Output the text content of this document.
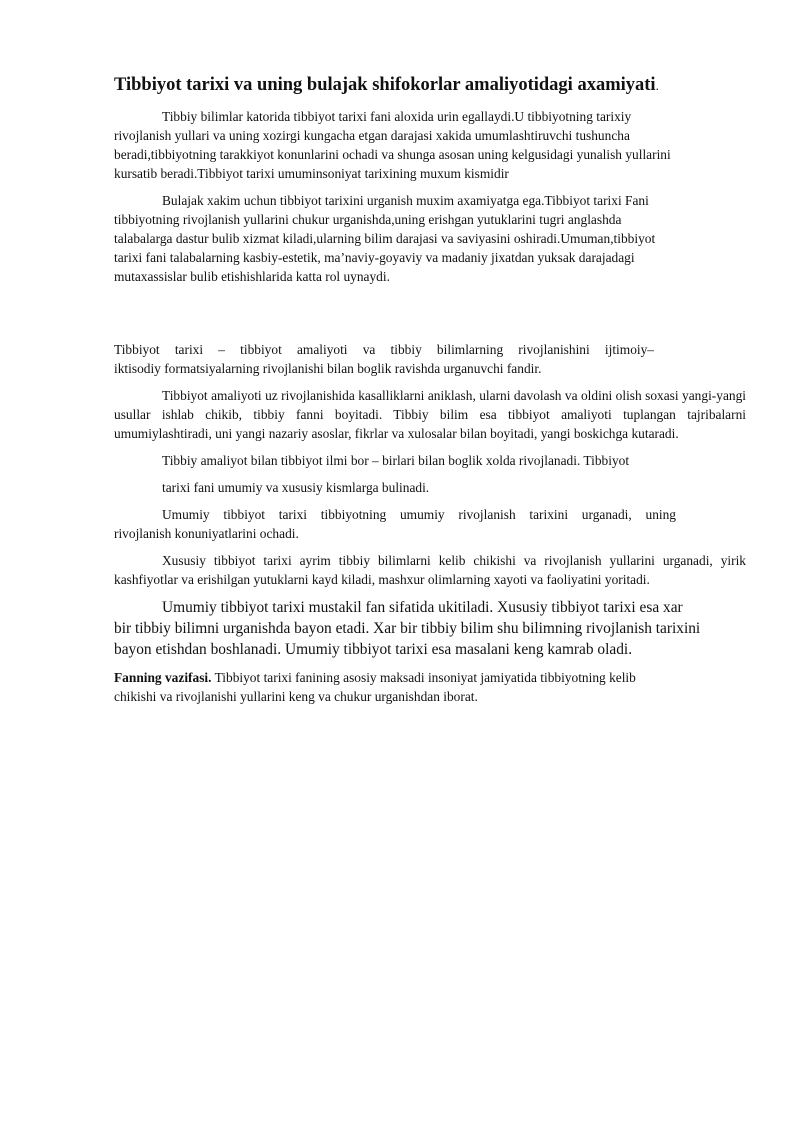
Tibbiyot tarixi va uning bulajak shifokorlar amaliyotidagi axamiyati.

Tibbiy bilimlar katorida tibbiyot tarixi fani aloxida urin egallaydi.U tibbiyotning tarixiy
rivojlanish yullari va uning xozirgi kungacha etgan darajasi xakida umumlashtiruvchi tushuncha
beradi,tibbiyotning tarakkiyot konunlarini ochadi va shunga asosan uning kelgusidagi yunalish yullarini
kursatib beradi.Tibbiyot tarixi umuminsoniyat tarixining muxum kismidir

Bulajak xakim uchun tibbiyot tarixini urganish muxim axamiyatga ega.Tibbiyot tarixi Fani
tibbiyotning rivojlanish yullarini chukur urganishda,uning erishgan yutuklarini tugri anglashda
talabalarga dastur bulib xizmat kiladi,ularning bilim darajasi va saviyasini oshiradi.Umuman,tibbiyot
tarixi fani talabalarning kasbiy-estetik, ma’naviy-goyaviy va madaniy jixatdan yuksak darajadagi
mutaxassislar bulib etishishlarida katta rol uynaydi.

Tibbiyot tarixi – tibbiyot amaliyoti va tibbiy bilimlarning rivojlanishini ijtimoiy–
iktisodiy formatsiyalarning rivojlanishi bilan boglik ravishda urganuvchi fandir.

Tibbiyot amaliyoti uz rivojlanishida kasalliklarni aniklash, ularni davolash va oldini olish soxasi yangi-yangi usullar ishlab chikib, tibbiy fanni boyitadi. Tibbiy bilim esa tibbiyot amaliyoti tuplangan tajribalarni umumiylashtiradi, uni yangi nazariy asoslar, fikrlar va xulosalar bilan boyitadi, yangi boskichga kutaradi.

Tibbiy amaliyot bilan tibbiyot ilmi bor – birlari bilan boglik xolda rivojlanadi. Tibbiyot

tarixi fani umumiy va xususiy kismlarga bulinadi.

Umumiy tibbiyot tarixi tibbiyotning umumiy rivojlanish tarixini urganadi, uning
rivojlanish konuniyatlarini ochadi.

Xususiy tibbiyot tarixi ayrim tibbiy bilimlarni kelib chikishi va rivojlanish yullarini urganadi, yirik kashfiyotlar va erishilgan yutuklarni kayd kiladi, mashxur olimlarning xayoti va faoliyatini yoritadi.

Umumiy tibbiyot tarixi mustakil fan sifatida ukitiladi. Xususiy tibbiyot tarixi esa xar
bir tibbiy bilimni urganishda bayon etadi. Xar bir tibbiy bilim shu bilimning rivojlanish tarixini
bayon etishdan boshlanadi. Umumiy tibbiyot tarixi esa masalani keng kamrab oladi.

Fanning vazifasi. Tibbiyot tarixi fanining asosiy maksadi insoniyat jamiyatida tibbiyotning kelib
chikishi va rivojlanishi yullarini keng va chukur urganishdan iborat.
